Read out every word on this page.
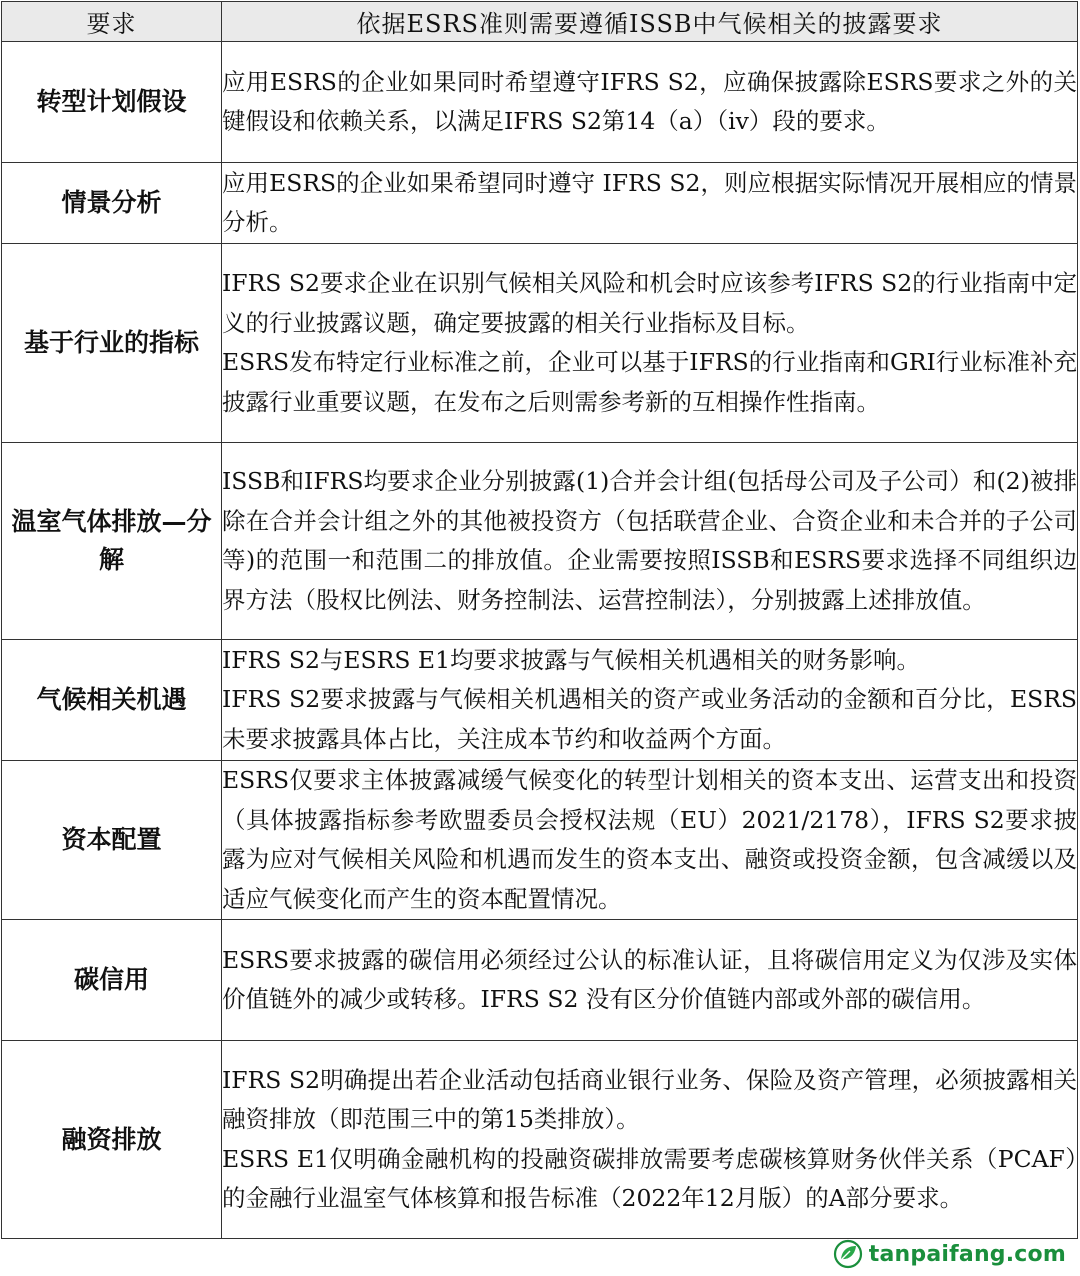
要求	依据ESRS准则需要遵循ISSB中气候相关的披露要求
转型计划假设	应用ESRS的企业如果同时希望遵守IFRS S2，应确保披露除ESRS要求之外的关键假设和依赖关系，以满足IFRS S2第14（a）（iv）段的要求。

情景分析	应用ESRS的企业如果希望同时遵守 IFRS S2，则应根据实际情况开展相应的情景分析。

基于行业的指标	IFRS S2要求企业在识别气候相关风险和机会时应该参考IFRS S2的行业指南中定义的行业披露议题，确定要披露的相关行业指标及目标。

ESRS发布特定行业标准之前，企业可以基于IFRS的行业指南和GRI行业标准补充披露行业重要议题，在发布之后则需参考新的互相操作性指南。

温室气体排放—分解	ISSB和IFRS均要求企业分别披露(1)合并会计组(包括母公司及子公司）和(2)被排除在合并会计组之外的其他被投资方（包括联营企业、合资企业和未合并的子公司等)的范围一和范围二的排放值。企业需要按照ISSB和ESRS要求选择不同组织边界方法（股权比例法、财务控制法、运营控制法），分别披露上述排放值。

气候相关机遇	IFRS S2与ESRS E1均要求披露与气候相关机遇相关的财务影响。

IFRS S2要求披露与气候相关机遇相关的资产或业务活动的金额和百分比，ESRS未要求披露具体占比，关注成本节约和收益两个方面。

资本配置	ESRS仅要求主体披露减缓气候变化的转型计划相关的资本支出、运营支出和投资（具体披露指标参考欧盟委员会授权法规（EU）2021/2178），IFRS S2要求披露为应对气候相关风险和机遇而发生的资本支出、融资或投资金额，包含减缓以及适应气候变化而产生的资本配置情况。

碳信用	ESRS要求披露的碳信用必须经过公认的标准认证，且将碳信用定义为仅涉及实体价值链外的减少或转移。IFRS S2 没有区分价值链内部或外部的碳信用。

融资排放	IFRS S2明确提出若企业活动包括商业银行业务、保险及资产管理，必须披露相关融资排放（即范围三中的第15类排放）。

ESRS E1仅明确金融机构的投融资碳排放需要考虑碳核算财务伙伴关系（PCAF）的金融行业温室气体核算和报告标准（2022年12月版）的A部分要求。

tanpaifang.com
